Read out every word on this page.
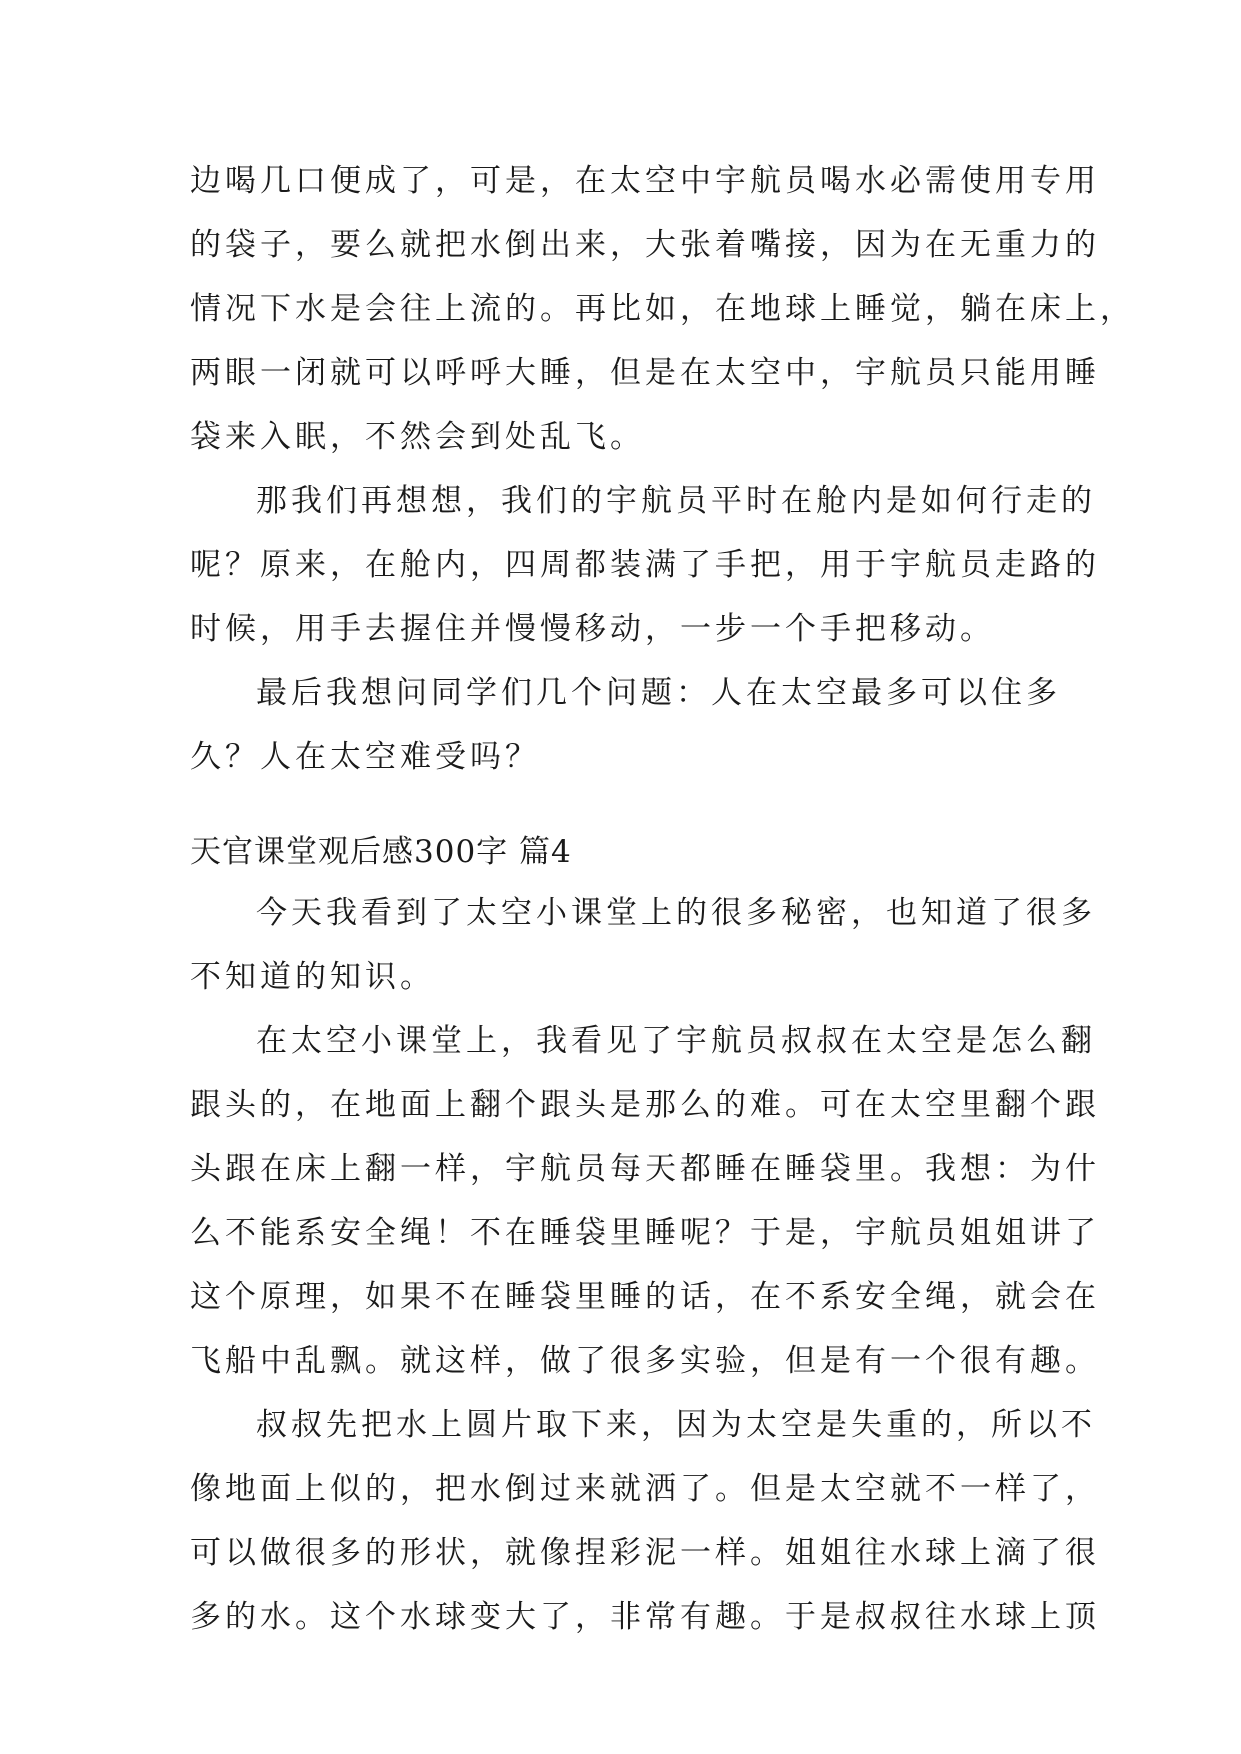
边喝几口便成了，可是，在太空中宇航员喝水必需使用专用
的袋子，要么就把水倒出来，大张着嘴接，因为在无重力的
情况下水是会往上流的。再比如，在地球上睡觉，躺在床上，
两眼一闭就可以呼呼大睡，但是在太空中，宇航员只能用睡
袋来入眠，不然会到处乱飞。
那我们再想想，我们的宇航员平时在舱内是如何行走的
呢？原来，在舱内，四周都装满了手把，用于宇航员走路的
时候，用手去握住并慢慢移动，一步一个手把移动。
最后我想问同学们几个问题：人在太空最多可以住多
久？人在太空难受吗？
天官课堂观后感300字 篇4
今天我看到了太空小课堂上的很多秘密，也知道了很多
不知道的知识。
在太空小课堂上，我看见了宇航员叔叔在太空是怎么翻
跟头的，在地面上翻个跟头是那么的难。可在太空里翻个跟
头跟在床上翻一样，宇航员每天都睡在睡袋里。我想：为什
么不能系安全绳！不在睡袋里睡呢？于是，宇航员姐姐讲了
这个原理，如果不在睡袋里睡的话，在不系安全绳，就会在
飞船中乱飘。就这样，做了很多实验，但是有一个很有趣。
叔叔先把水上圆片取下来，因为太空是失重的，所以不
像地面上似的，把水倒过来就洒了。但是太空就不一样了，
可以做很多的形状，就像捏彩泥一样。姐姐往水球上滴了很
多的水。这个水球变大了，非常有趣。于是叔叔往水球上顶
